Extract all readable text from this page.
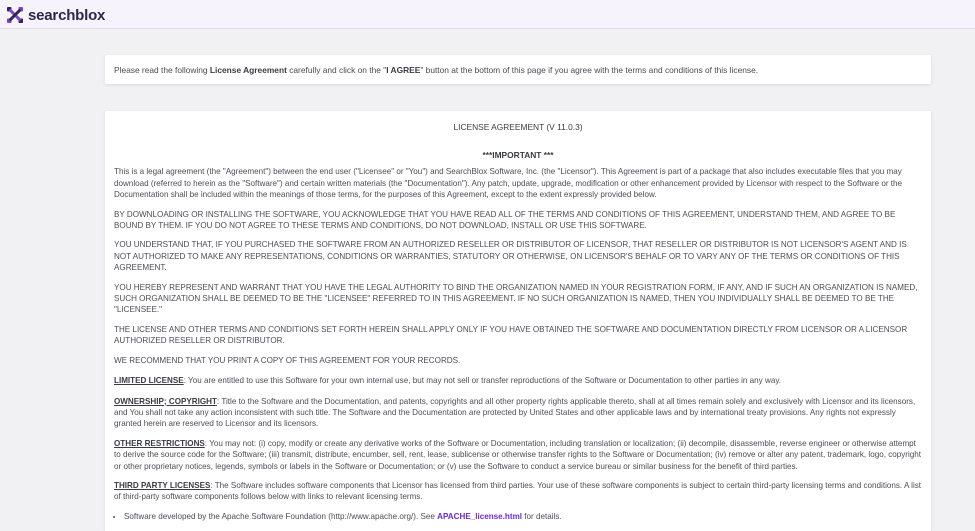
searchblox
Please read the following License Agreement carefully and click on the "I AGREE" button at the bottom of this page if you agree with the terms and conditions of this license.
LICENSE AGREEMENT (V 11.0.3)
***IMPORTANT ***

This is a legal agreement (the "Agreement") between the end user ("Licensee" or "You") and SearchBlox Software, Inc. (the "Licensor"). This Agreement is part of a package that also includes executable files that you may download (referred to herein as the "Software") and certain written materials (the "Documentation"). Any patch, update, upgrade, modification or other enhancement provided by Licensor with respect to the Software or the Documentation shall be included within the meanings of those terms, for the purposes of this Agreement, except to the extent expressly provided below.

BY DOWNLOADING OR INSTALLING THE SOFTWARE, YOU ACKNOWLEDGE THAT YOU HAVE READ ALL OF THE TERMS AND CONDITIONS OF THIS AGREEMENT, UNDERSTAND THEM, AND AGREE TO BE BOUND BY THEM. IF YOU DO NOT AGREE TO THESE TERMS AND CONDITIONS, DO NOT DOWNLOAD, INSTALL OR USE THIS SOFTWARE.

YOU UNDERSTAND THAT, IF YOU PURCHASED THE SOFTWARE FROM AN AUTHORIZED RESELLER OR DISTRIBUTOR OF LICENSOR, THAT RESELLER OR DISTRIBUTOR IS NOT LICENSOR'S AGENT AND IS NOT AUTHORIZED TO MAKE ANY REPRESENTATIONS, CONDITIONS OR WARRANTIES, STATUTORY OR OTHERWISE, ON LICENSOR'S BEHALF OR TO VARY ANY OF THE TERMS OR CONDITIONS OF THIS AGREEMENT.

YOU HEREBY REPRESENT AND WARRANT THAT YOU HAVE THE LEGAL AUTHORITY TO BIND THE ORGANIZATION NAMED IN YOUR REGISTRATION FORM, IF ANY, AND IF SUCH AN ORGANIZATION IS NAMED, SUCH ORGANIZATION SHALL BE DEEMED TO BE THE "LICENSEE" REFERRED TO IN THIS AGREEMENT. IF NO SUCH ORGANIZATION IS NAMED, THEN YOU INDIVIDUALLY SHALL BE DEEMED TO BE THE "LICENSEE."

THE LICENSE AND OTHER TERMS AND CONDITIONS SET FORTH HEREIN SHALL APPLY ONLY IF YOU HAVE OBTAINED THE SOFTWARE AND DOCUMENTATION DIRECTLY FROM LICENSOR OR A LICENSOR AUTHORIZED RESELLER OR DISTRIBUTOR.

WE RECOMMEND THAT YOU PRINT A COPY OF THIS AGREEMENT FOR YOUR RECORDS.

LIMITED LICENSE: You are entitled to use this Software for your own internal use, but may not sell or transfer reproductions of the Software or Documentation to other parties in any way.

OWNERSHIP; COPYRIGHT: Title to the Software and the Documentation, and patents, copyrights and all other property rights applicable thereto, shall at all times remain solely and exclusively with Licensor and its licensors, and You shall not take any action inconsistent with such title. The Software and the Documentation are protected by United States and other applicable laws and by international treaty provisions. Any rights not expressly granted herein are reserved to Licensor and its licensors.

OTHER RESTRICTIONS: You may not: (i) copy, modify or create any derivative works of the Software or Documentation, including translation or localization; (ii) decompile, disassemble, reverse engineer or otherwise attempt to derive the source code for the Software; (iii) transmit, distribute, encumber, sell, rent, lease, sublicense or otherwise transfer rights to the Software or Documentation; (iv) remove or alter any patent, trademark, logo, copyright or other proprietary notices, legends, symbols or labels in the Software or Documentation; or (v) use the Software to conduct a service bureau or similar business for the benefit of third parties.

THIRD PARTY LICENSES: The Software includes software components that Licensor has licensed from third parties. Your use of these software components is subject to certain third-party licensing terms and conditions. A list of third-party software components follows below with links to relevant licensing terms.

• Software developed by the Apache Software Foundation (http://www.apache.org/). See APACHE_license.html for details.
